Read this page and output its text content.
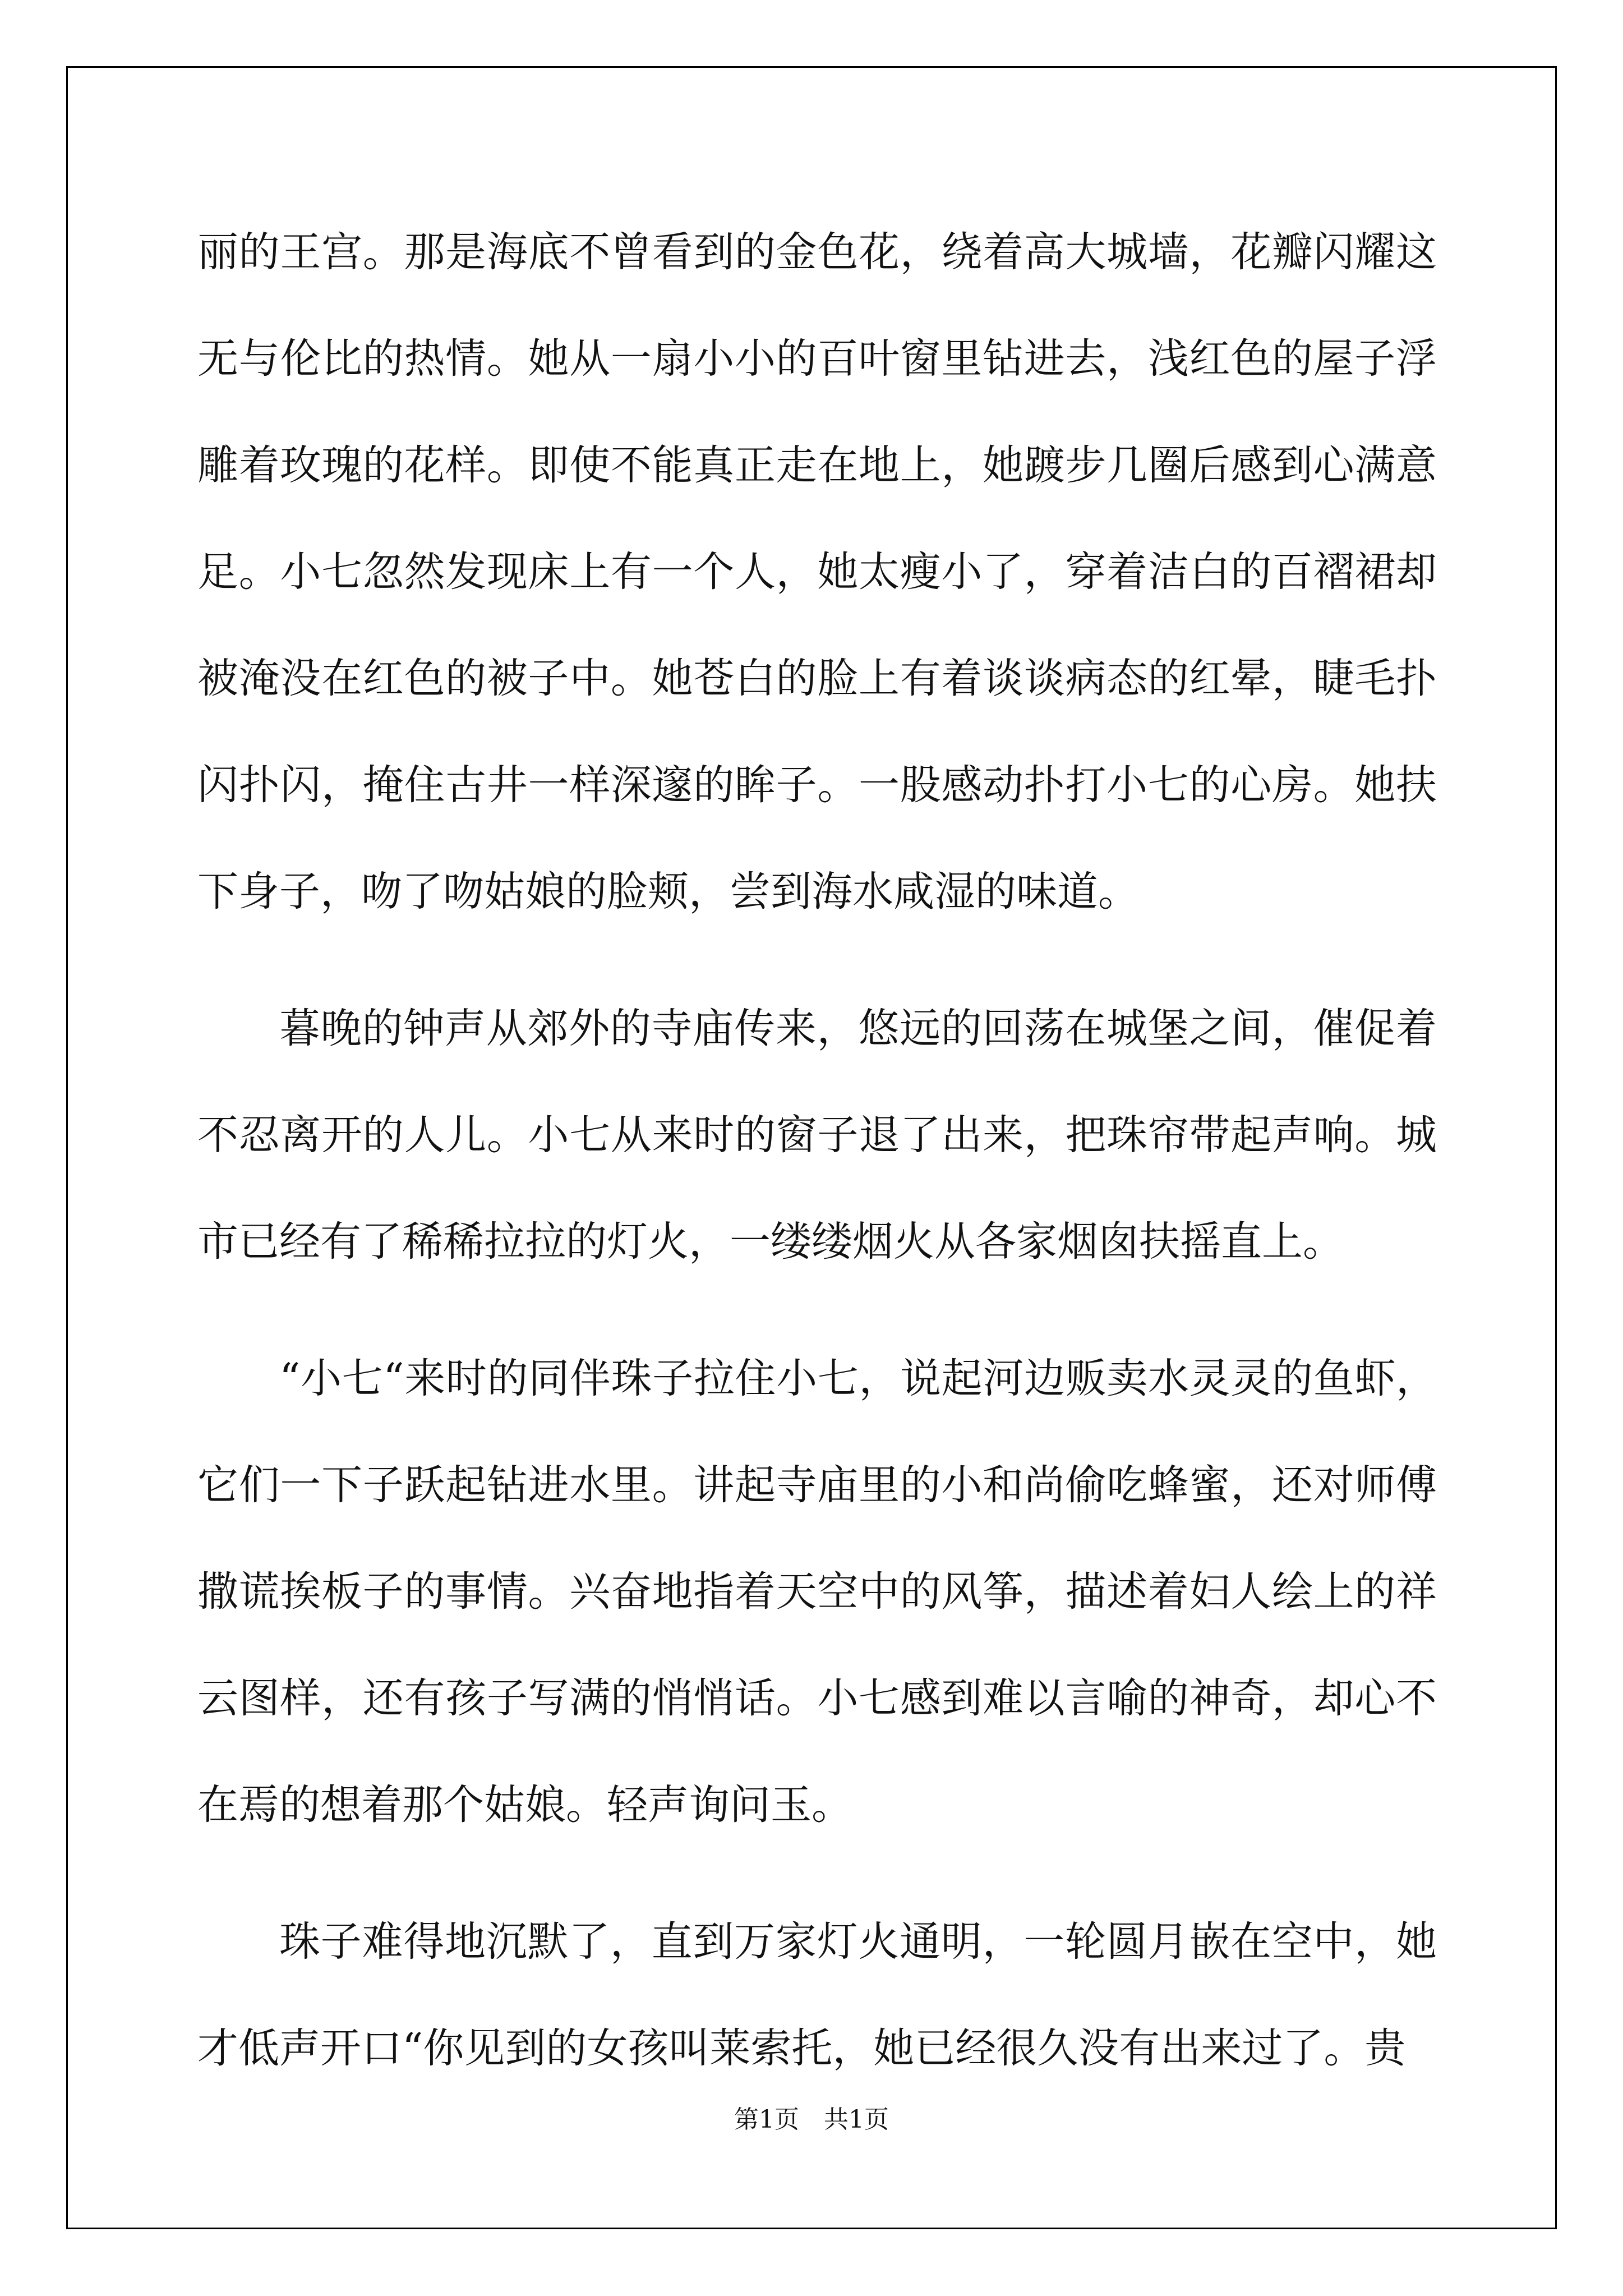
丽的王宫。那是海底不曾看到的金色花，绕着高大城墙，花瓣闪耀这无与伦比的热情。她从一扇小小的百叶窗里钻进去，浅红色的屋子浮雕着玫瑰的花样。即使不能真正走在地上，她踱步几圈后感到心满意足。小七忽然发现床上有一个人，她太瘦小了，穿着洁白的百褶裙却被淹没在红色的被子中。她苍白的脸上有着谈谈病态的红晕，睫毛扑闪扑闪，掩住古井一样深邃的眸子。一股感动扑打小七的心房。她扶下身子，吻了吻姑娘的脸颊，尝到海水咸湿的味道。

暮晚的钟声从郊外的寺庙传来，悠远的回荡在城堡之间，催促着不忍离开的人儿。小七从来时的窗子退了出来，把珠帘带起声响。城市已经有了稀稀拉拉的灯火，一缕缕烟火从各家烟囱扶摇直上。

“小七“来时的同伴珠子拉住小七，说起河边贩卖水灵灵的鱼虾，它们一下子跃起钻进水里。讲起寺庙里的小和尚偷吃蜂蜜，还对师傅撒谎挨板子的事情。兴奋地指着天空中的风筝，描述着妇人绘上的祥云图样，还有孩子写满的悄悄话。小七感到难以言喻的神奇，却心不在焉的想着那个姑娘。轻声询问玉。

珠子难得地沉默了，直到万家灯火通明，一轮圆月嵌在空中，她才低声开口“你见到的女孩叫莱索托，她已经很久没有出来过了。贵

第1页 共1页
